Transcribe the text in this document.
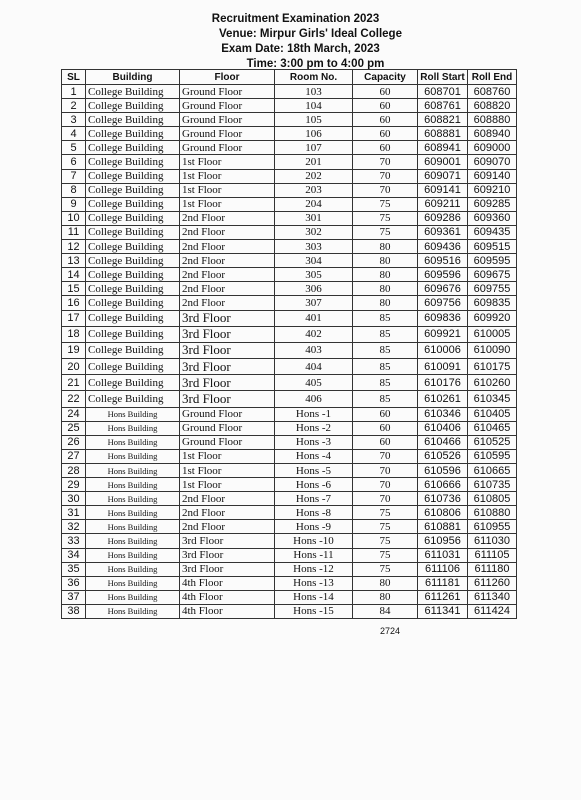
Recruitment Examination 2023
Venue: Mirpur Girls' Ideal College
Exam Date: 18th March, 2023
Time: 3:00 pm to 4:00 pm
SL	Building	Floor	Room No.	Capacity	Roll Start	Roll End
1	College Building	Ground Floor	103	60	608701	608760
2	College Building	Ground Floor	104	60	608761	608820
3	College Building	Ground Floor	105	60	608821	608880
4	College Building	Ground Floor	106	60	608881	608940
5	College Building	Ground Floor	107	60	608941	609000
6	College Building	1st Floor	201	70	609001	609070
7	College Building	1st Floor	202	70	609071	609140
8	College Building	1st Floor	203	70	609141	609210
9	College Building	1st Floor	204	75	609211	609285
10	College Building	2nd Floor	301	75	609286	609360
11	College Building	2nd Floor	302	75	609361	609435
12	College Building	2nd Floor	303	80	609436	609515
13	College Building	2nd Floor	304	80	609516	609595
14	College Building	2nd Floor	305	80	609596	609675
15	College Building	2nd Floor	306	80	609676	609755
16	College Building	2nd Floor	307	80	609756	609835
17	College Building	3rd Floor	401	85	609836	609920
18	College Building	3rd Floor	402	85	609921	610005
19	College Building	3rd Floor	403	85	610006	610090
20	College Building	3rd Floor	404	85	610091	610175
21	College Building	3rd Floor	405	85	610176	610260
22	College Building	3rd Floor	406	85	610261	610345
24	Hons Building	Ground Floor	Hons -1	60	610346	610405
25	Hons Building	Ground Floor	Hons -2	60	610406	610465
26	Hons Building	Ground Floor	Hons -3	60	610466	610525
27	Hons Building	1st Floor	Hons -4	70	610526	610595
28	Hons Building	1st Floor	Hons -5	70	610596	610665
29	Hons Building	1st Floor	Hons -6	70	610666	610735
30	Hons Building	2nd Floor	Hons -7	70	610736	610805
31	Hons Building	2nd Floor	Hons -8	75	610806	610880
32	Hons Building	2nd Floor	Hons -9	75	610881	610955
33	Hons Building	3rd Floor	Hons -10	75	610956	611030
34	Hons Building	3rd Floor	Hons -11	75	611031	611105
35	Hons Building	3rd Floor	Hons -12	75	611106	611180
36	Hons Building	4th Floor	Hons -13	80	611181	611260
37	Hons Building	4th Floor	Hons -14	80	611261	611340
38	Hons Building	4th Floor	Hons -15	84	611341	611424
2724
